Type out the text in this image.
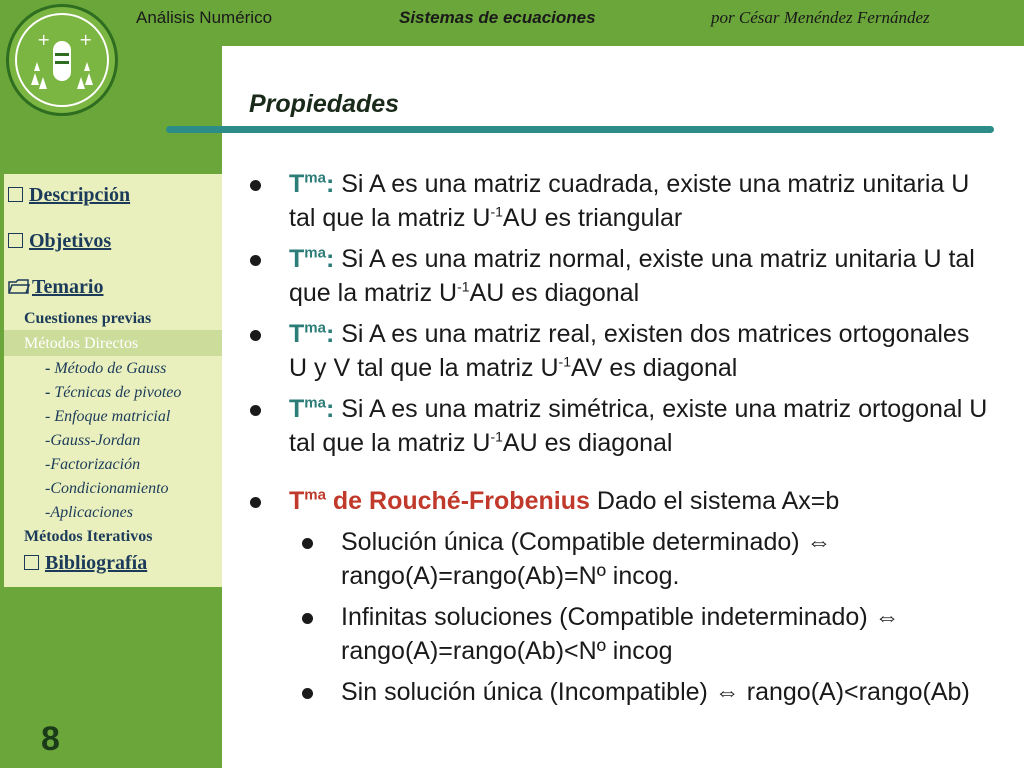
+ +
Análisis Numérico	Sistemas de ecuaciones	por César Menéndez Fernández
Propiedades
Descripción
Objetivos
Temario
Cuestiones previas
Métodos Directos
- Método de Gauss
- Técnicas de pivoteo
- Enfoque matricial
-Gauss-Jordan
-Factorización
-Condicionamiento
-Aplicaciones
Métodos Iterativos
Bibliografía
8
$T^{ma}$: Si A es una matriz cuadrada, existe una matriz unitaria U tal que la matriz $U^{-1}AU$ es triangular
$T^{ma}$: Si A es una matriz normal, existe una matriz unitaria U tal que la matriz $U^{-1}AU$ es diagonal
$T^{ma}$: Si A es una matriz real, existen dos matrices ortogonales U y V tal que la matriz $U^{-1}AV$ es diagonal
$T^{ma}$: Si A es una matriz simétrica, existe una matriz ortogonal U tal que la matriz $U^{-1}AU$ es diagonal
$T^{ma}$ de Rouché-Frobenius Dado el sistema Ax=b
Solución única (Compatible determinado) ⇔ rango(A)=rango(Ab)=Nº incog.
Infinitas soluciones (Compatible indeterminado) ⇔ rango(A)=rango(Ab)<Nº incog
Sin solución única (Incompatible) ⇔ rango(A)<rango(Ab)
